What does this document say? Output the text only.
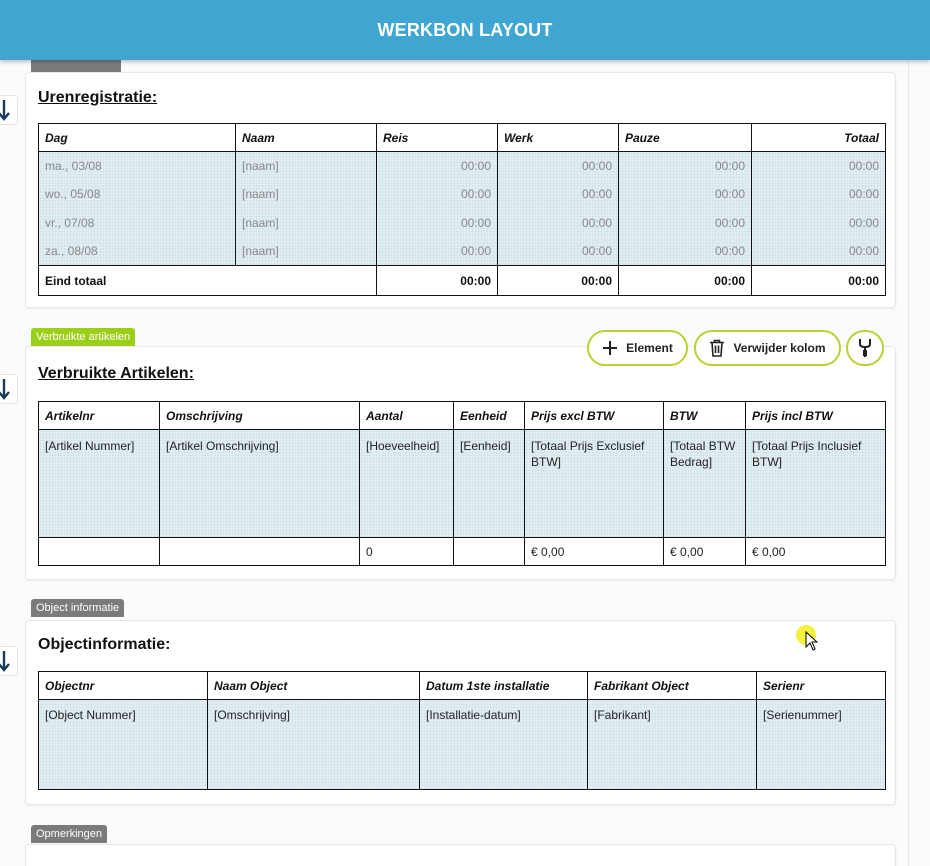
WERKBON LAYOUT
Urenregistratie:
Dag	Naam	Reis	Werk	Pauze	Totaal
ma., 03/08	[naam]	00:00	00:00	00:00	00:00
wo., 05/08	[naam]	00:00	00:00	00:00	00:00
vr., 07/08	[naam]	00:00	00:00	00:00	00:00
za., 08/08	[naam]	00:00	00:00	00:00	00:00
Eind totaal		00:00	00:00	00:00	00:00
Verbruikte artikelen
Verbruikte Artikelen:
Artikelnr	Omschrijving	Aantal	Eenheid	Prijs excl BTW	BTW	Prijs incl BTW
[Artikel Nummer]	[Artikel Omschrijving]	[Hoeveelheid]	[Eenheid]	[Totaal Prijs Exclusief BTW]	[Totaal BTW Bedrag]	[Totaal Prijs Inclusief BTW]
		0		€ 0,00	€ 0,00	€ 0,00
Element	Verwijder kolom
Object informatie
Objectinformatie:
Objectnr	Naam Object	Datum 1ste installatie	Fabrikant Object	Serienr
[Object Nummer]	[Omschrijving]	[Installatie-datum]	[Fabrikant]	[Serienummer]
Opmerkingen
